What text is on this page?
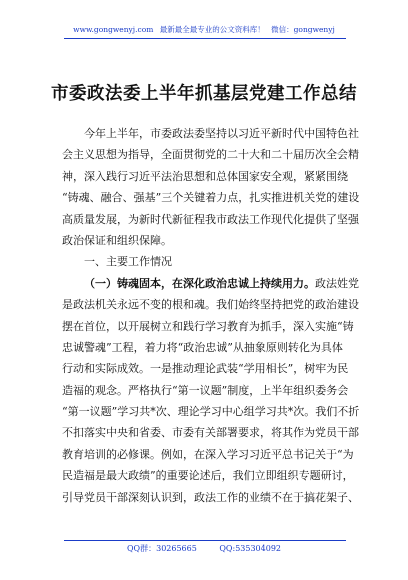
www.gongwenyj.com 最新最全最专业的公文资料库！ 微信：gongwenyj
市委政法委上半年抓基层党建工作总结
今年上半年，市委政法委坚持以习近平新时代中国特色社
会主义思想为指导，全面贯彻党的二十大和二十届历次全会精
神，深入践行习近平法治思想和总体国家安全观，紧紧围绕
“铸魂、融合、强基”三个关键着力点，扎实推进机关党的建设
高质量发展，为新时代新征程我市政法工作现代化提供了坚强
政治保证和组织保障。
一、主要工作情况
（一）铸魂固本，在深化政治忠诚上持续用力。政法姓党
是政法机关永远不变的根和魂。我们始终坚持把党的政治建设
摆在首位，以开展树立和践行学习教育为抓手，深入实施“铸
忠诚警魂”工程，着力将“政治忠诚”从抽象原则转化为具体
行动和实际成效。一是推动理论武装“学用相长”，树牢为民
造福的观念。严格执行“第一议题”制度，上半年组织委务会
“第一议题”学习共*次、理论学习中心组学习共*次。我们不折
不扣落实中央和省委、市委有关部署要求，将其作为党员干部
教育培训的必修课。例如，在深入学习习近平总书记关于“为
民造福是最大政绩”的重要论述后，我们立即组织专题研讨，
引导党员干部深刻认识到，政法工作的业绩不在于搞花架子、
QQ群：30265665	QQ:535304092
